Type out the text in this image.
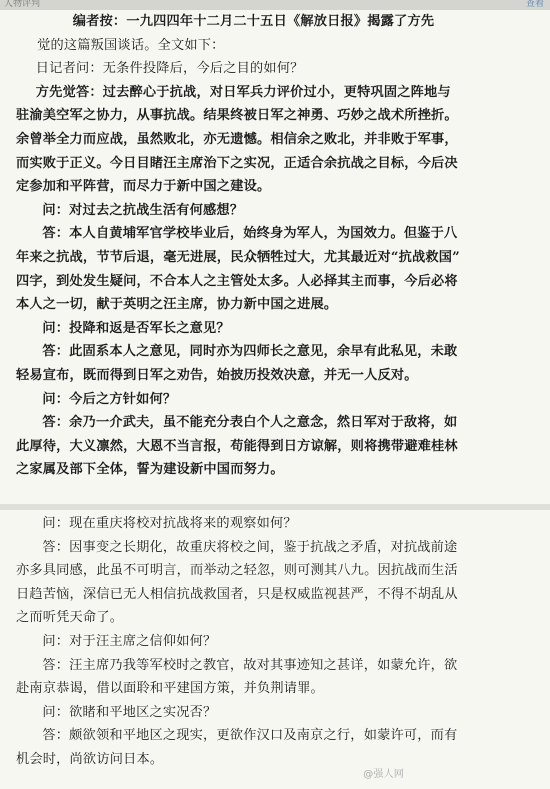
人物评判	查看

编者按：一九四四年十二月二十五日《解放日报》揭露了方先
觉的这篇叛国谈话。全文如下：

日记者问：无条件投降后，今后之目的如何？

方先觉答：过去醉心于抗战，对日军兵力评价过小，更特巩固之阵地与
驻渝美空军之协力，从事抗战。结果终被日军之神勇、巧妙之战术所挫折。
余曾举全力而应战，虽然败北，亦无遗憾。相信余之败北，并非败于军事，
而实败于正义。今日目睹汪主席治下之实况，正适合余抗战之目标，今后决
定参加和平阵营，而尽力于新中国之建设。

问：对过去之抗战生活有何感想？

答：本人自黄埔军官学校毕业后，始终身为军人，为国效力。但鉴于八
年来之抗战，节节后退，毫无进展，民众牺牲过大，尤其最近对“抗战救国”
四字，到处发生疑问，不合本人之主管处太多。人必择其主而事，今后必将
本人之一切，献于英明之汪主席，协力新中国之进展。

问：投降和返是否军长之意见？

答：此固系本人之意见，同时亦为四师长之意见，余早有此私见，未敢
轻易宣布，既而得到日军之劝告，始披历投效决意，并无一人反对。

问：今后之方针如何？

答：余乃一介武夫，虽不能充分表白个人之意念，然日军对于敌将，如
此厚待，大义凛然，大恩不当言报，苟能得到日方谅解，则将携带避难桂林
之家属及部下全体，誓为建设新中国而努力。

问：现在重庆将校对抗战将来的观察如何？

答：因事变之长期化，故重庆将校之间，鉴于抗战之矛盾，对抗战前途
亦多具同感，此虽不可明言，而举动之轻忽，则可测其八九。因抗战而生活
日趋苦恼，深信已无人相信抗战救国者，只是权威监视甚严，不得不胡乱从
之而听凭天命了。

问：对于汪主席之信仰如何？

答：汪主席乃我等军校时之教官，故对其事迹知之甚详，如蒙允许，欲
赴南京恭谒，借以面聆和平建国方策，并负荆请罪。

问：欲睹和平地区之实况否？

答：颇欲领和平地区之现实，更欲作汉口及南京之行，如蒙许可，而有
机会时，尚欲访问日本。

@强人网
